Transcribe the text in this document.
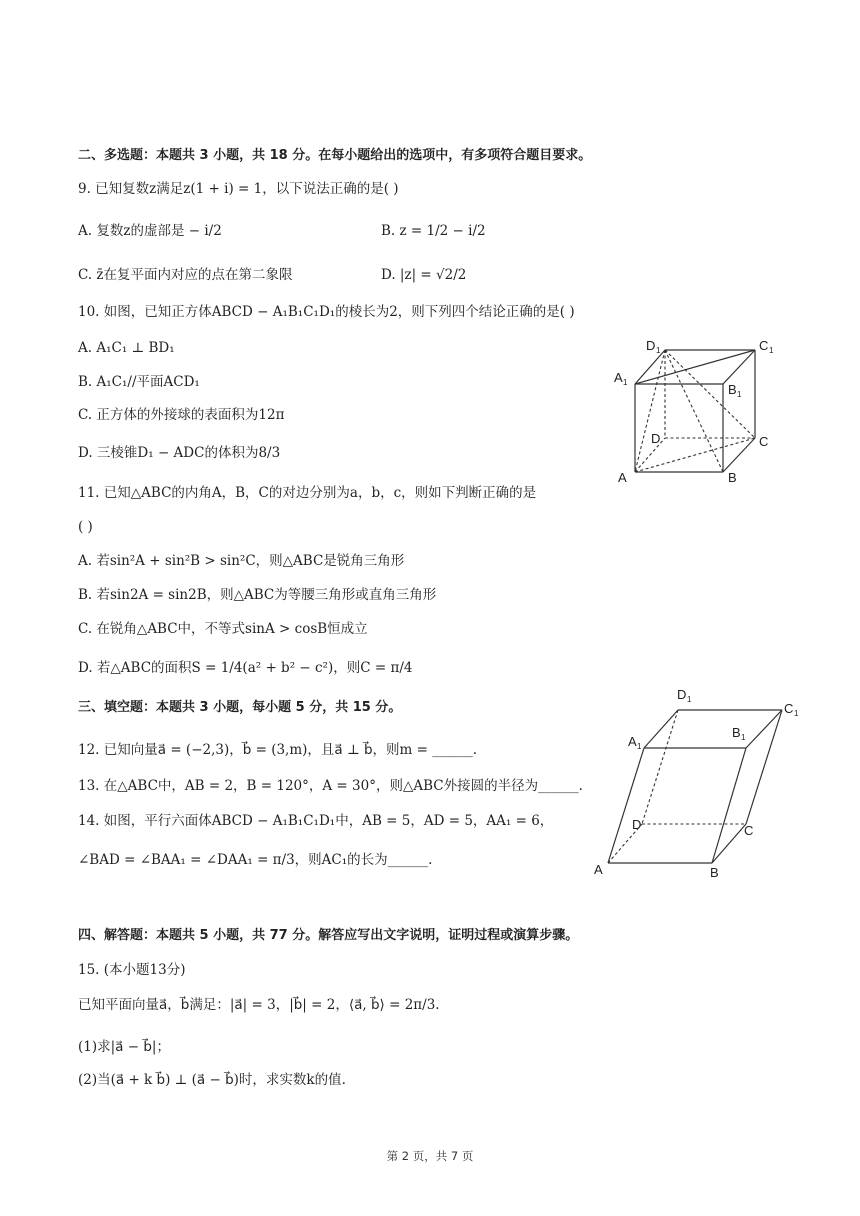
二、多选题：本题共 3 小题，共 18 分。在每小题给出的选项中，有多项符合题目要求。
9. 已知复数z满足z(1 + i) = 1，以下说法正确的是( )
A. 复数z的虚部是 − i/2	B. z = 1/2 − i/2
C. z̄在复平面内对应的点在第二象限	D. |z| = √2/2
10. 如图，已知正方体ABCD − A₁B₁C₁D₁的棱长为2，则下列四个结论正确的是( )
A. A₁C₁ ⊥ BD₁
B. A₁C₁//平面ACD₁
C. 正方体的外接球的表面积为12π
D. 三棱锥D₁ − ADC的体积为8/3
11. 已知△ABC的内角A，B，C的对边分别为a，b，c，则如下判断正确的是
( )
A. 若sin²A + sin²B > sin²C，则△ABC是锐角三角形
B. 若sin2A = sin2B，则△ABC为等腰三角形或直角三角形
C. 在锐角△ABC中，不等式sinA > cosB恒成立
D. 若△ABC的面积S = 1/4(a² + b² − c²)，则C = π/4
三、填空题：本题共 3 小题，每小题 5 分，共 15 分。
12. 已知向量a⃗ = (−2,3)，b⃗ = (3,m)，且a⃗ ⊥ b⃗，则m = ______.
13. 在△ABC中，AB = 2，B = 120°，A = 30°，则△ABC外接圆的半径为______.
14. 如图，平行六面体ABCD − A₁B₁C₁D₁中，AB = 5，AD = 5，AA₁ = 6，
∠BAD = ∠BAA₁ = ∠DAA₁ = π/3，则AC₁的长为______.
四、解答题：本题共 5 小题，共 77 分。解答应写出文字说明，证明过程或演算步骤。
15. (本小题13分)
已知平面向量a⃗，b⃗满足：|a⃗| = 3，|b⃗| = 2，⟨a⃗, b⃗⟩ = 2π/3.
(1)求|a⃗ − b⃗|；
(2)当(a⃗ + k b⃗) ⊥ (a⃗ − b⃗)时，求实数k的值.
D 1	C 1
A 1	B 1
D	C
A	B
D 1
C 1
A 1
B 1
D	C
A	B
第 2 页，共 7 页
